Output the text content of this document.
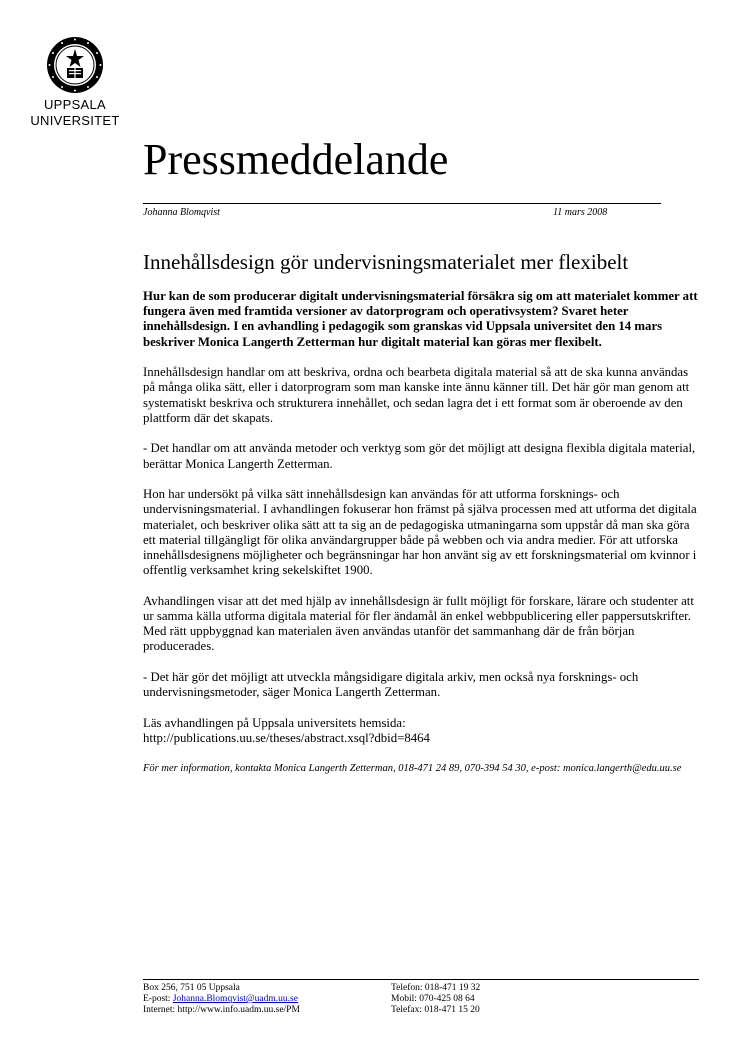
UPPSALA
UNIVERSITET
Pressmeddelande
Johanna Blomqvist	11 mars 2008
Innehållsdesign gör undervisningsmaterialet mer flexibelt

Hur kan de som producerar digitalt undervisningsmaterial försäkra sig om att materialet kommer att fungera även med framtida versioner av datorprogram och operativsystem? Svaret heter innehållsdesign. I en avhandling i pedagogik som granskas vid Uppsala universitet den 14 mars beskriver Monica Langerth Zetterman hur digitalt material kan göras mer flexibelt.

Innehållsdesign handlar om att beskriva, ordna och bearbeta digitala material så att de ska kunna användas på många olika sätt, eller i datorprogram som man kanske inte ännu känner till. Det här gör man genom att systematiskt beskriva och strukturera innehållet, och sedan lagra det i ett format som är oberoende av den plattform där det skapats.

- Det handlar om att använda metoder och verktyg som gör det möjligt att designa flexibla digitala material, berättar Monica Langerth Zetterman.

Hon har undersökt på vilka sätt innehållsdesign kan användas för att utforma forsknings- och undervisningsmaterial. I avhandlingen fokuserar hon främst på själva processen med att utforma det digitala materialet, och beskriver olika sätt att ta sig an de pedagogiska utmaningarna som uppstår då man ska göra ett material tillgängligt för olika användargrupper både på webben och via andra medier. För att utforska innehållsdesignens möjligheter och begränsningar har hon använt sig av ett forskningsmaterial om kvinnor i offentlig verksamhet kring sekelskiftet 1900.

Avhandlingen visar att det med hjälp av innehållsdesign är fullt möjligt för forskare, lärare och studenter att ur samma källa utforma digitala material för fler ändamål än enkel webbpublicering eller pappersutskrifter. Med rätt uppbyggnad kan materialen även användas utanför det sammanhang där de från början producerades.

- Det här gör det möjligt att utveckla mångsidigare digitala arkiv, men också nya forsknings- och undervisningsmetoder, säger Monica Langerth Zetterman.

Läs avhandlingen på Uppsala universitets hemsida:
http://publications.uu.se/theses/abstract.xsql?dbid=8464

För mer information, kontakta Monica Langerth Zetterman, 018-471 24 89, 070-394 54 30, e-post: monica.langerth@edu.uu.se

Box 256, 751 05 Uppsala
E-post: Johanna.Blomqvist@uadm.uu.se
Internet: http://www.info.uadm.uu.se/PM
Telefon: 018-471 19 32
Mobil: 070-425 08 64
Telefax: 018-471 15 20
